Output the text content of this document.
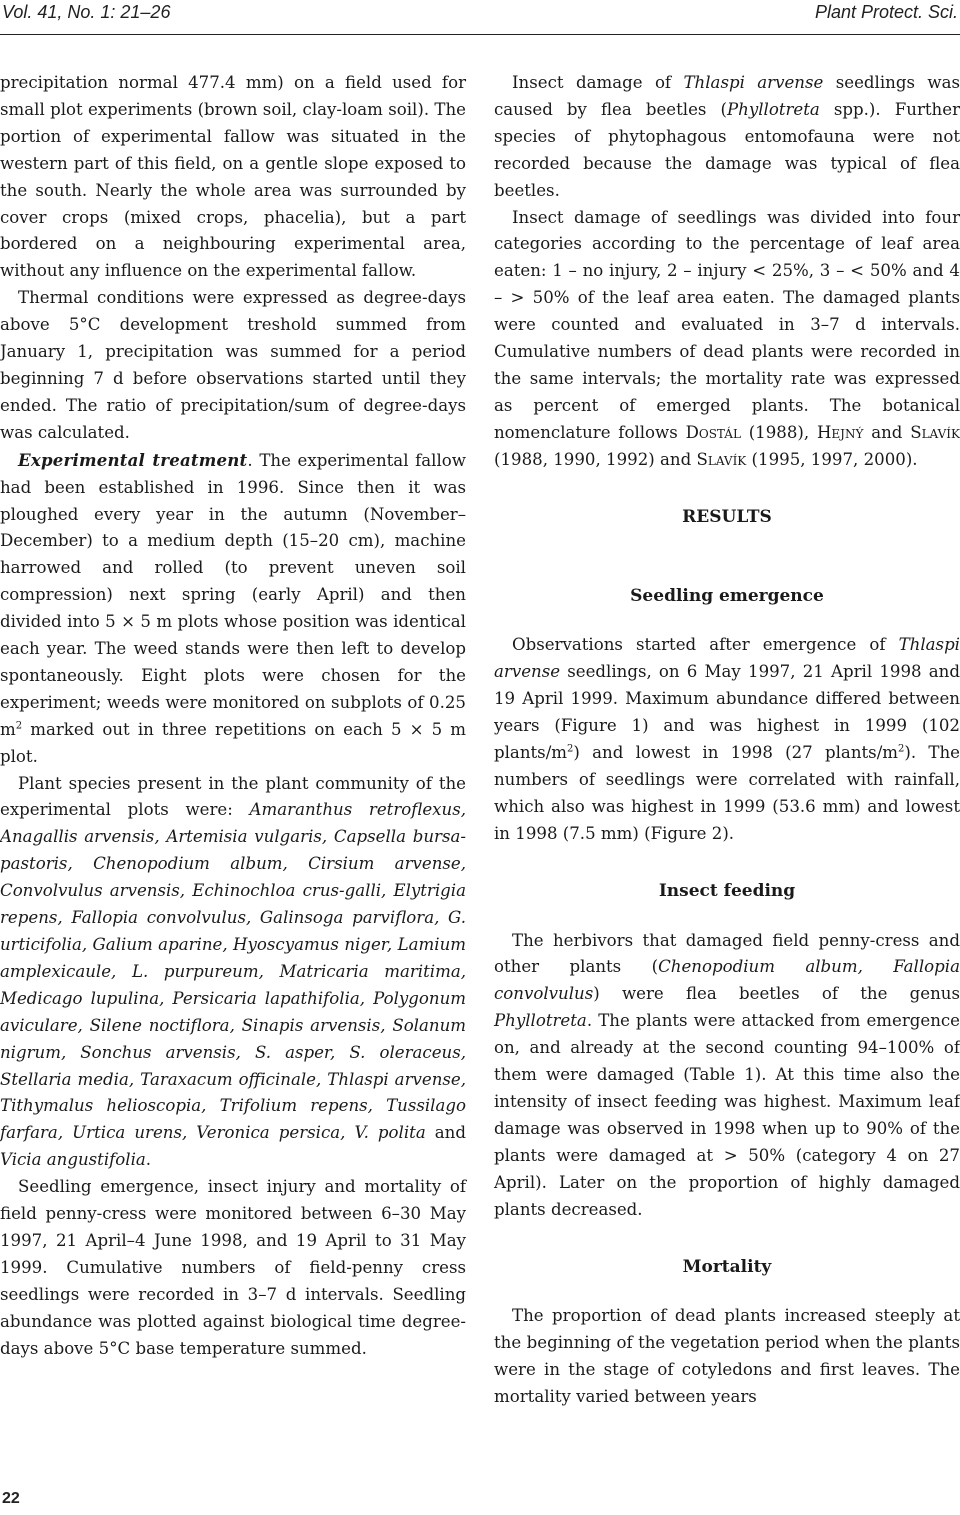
Vol. 41, No. 1: 21–26	Plant Protect. Sci.

precipitation normal 477.4 mm) on a field used for small plot experiments (brown soil, clay-loam soil). The portion of experimental fallow was situated in the western part of this field, on a gentle slope exposed to the south. Nearly the whole area was surrounded by cover crops (mixed crops, phacelia), but a part bordered on a neighbouring experimental area, without any influence on the experimental fallow.

Thermal conditions were expressed as degree-days above 5°C development treshold summed from January 1, precipitation was summed for a period beginning 7 d before observations started until they ended. The ratio of precipitation/sum of degree-days was calculated.

Experimental treatment. The experimental fallow had been established in 1996. Since then it was ploughed every year in the autumn (November–December) to a medium depth (15–20 cm), machine harrowed and rolled (to prevent uneven soil compression) next spring (early April) and then divided into 5 × 5 m plots whose position was identical each year. The weed stands were then left to develop spontaneously. Eight plots were chosen for the experiment; weeds were monitored on subplots of 0.25 $m^2$ marked out in three repetitions on each 5 × 5 m plot.

Plant species present in the plant community of the experimental plots were: Amaranthus retroflexus, Anagallis arvensis, Artemisia vulgaris, Capsella bursa-pastoris, Chenopodium album, Cirsium arvense, Convolvulus arvensis, Echinochloa crus-galli, Elytrigia repens, Fallopia convolvulus, Galinsoga parviflora, G. urticifolia, Galium aparine, Hyoscyamus niger, Lamium amplexicaule, L. purpureum, Matricaria maritima, Medicago lupulina, Persicaria lapathifolia, Polygonum aviculare, Silene noctiflora, Sinapis arvensis, Solanum nigrum, Sonchus arvensis, S. asper, S. oleraceus, Stellaria media, Taraxacum officinale, Thlaspi arvense, Tithymalus helioscopia, Trifolium repens, Tussilago farfara, Urtica urens, Veronica persica, V. polita and Vicia angustifolia.

Seedling emergence, insect injury and mortality of field penny-cress were monitored between 6–30 May 1997, 21 April–4 June 1998, and 19 April to 31 May 1999. Cumulative numbers of field-penny cress seedlings were recorded in 3–7 d intervals. Seedling abundance was plotted against biological time degree-days above 5°C base temperature summed.

Insect damage of Thlaspi arvense seedlings was caused by flea beetles (Phyllotreta spp.). Further species of phytophagous entomofauna were not recorded because the damage was typical of flea beetles.

Insect damage of seedlings was divided into four categories according to the percentage of leaf area eaten: 1 – no injury, 2 – injury < 25%, 3 – < 50% and 4 – > 50% of the leaf area eaten. The damaged plants were counted and evaluated in 3–7 d intervals. Cumulative numbers of dead plants were recorded in the same intervals; the mortality rate was expressed as percent of emerged plants. The botanical nomenclature follows Dostál (1988), Hejný and Slavík (1988, 1990, 1992) and Slavík (1995, 1997, 2000).

RESULTS
Seedling emergence

Observations started after emergence of Thlaspi arvense seedlings, on 6 May 1997, 21 April 1998 and 19 April 1999. Maximum abundance differed between years (Figure 1) and was highest in 1999 (102 plants/$m^2$) and lowest in 1998 (27 plants/$m^2$). The numbers of seedlings were correlated with rainfall, which also was highest in 1999 (53.6 mm) and lowest in 1998 (7.5 mm) (Figure 2).

Insect feeding

The herbivors that damaged field penny-cress and other plants (Chenopodium album, Fallopia convolvulus) were flea beetles of the genus Phyllotreta. The plants were attacked from emergence on, and already at the second counting 94–100% of them were damaged (Table 1). At this time also the intensity of insect feeding was highest. Maximum leaf damage was observed in 1998 when up to 90% of the plants were damaged at > 50% (category 4 on 27 April). Later on the proportion of highly damaged plants decreased.

Mortality

The proportion of dead plants increased steeply at the beginning of the vegetation period when the plants were in the stage of cotyledons and first leaves. The mortality varied between years

22
